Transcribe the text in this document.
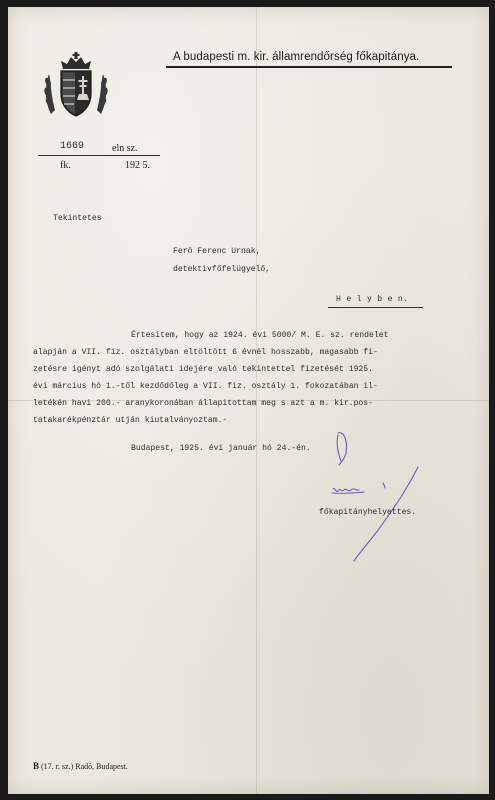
A budapesti m. kir. államrendőrség főkapitánya.
1669	eln sz.
fk.	192 5.
Tekintetes
Ferö Ferenc Urnak,
detektivfőfelügyelő,
H e l y b e n.
Értesitem, hogy az 1924. évi 5000/ M. E. sz. rendelet
alapján a VII. fiz. osztályban eltöltött 6 évnél hosszabb, magasabb fi-
zetésre igényt adó szolgálati idejére való tekintettel fizetését 1925.
évi március hó 1.-től kezdődőleg a VII. fiz. osztály 1. fokozatában il-
letékén havi 200.- aranykoronában állapitottam meg s azt a m. kir.pos-
tatakarékpénztár utján kiutalványoztam.-
Budapest, 1925. évi január hó 24.-én.
főkapitányhelyettes.
B (17. r. sz.) Radó, Budapest.
